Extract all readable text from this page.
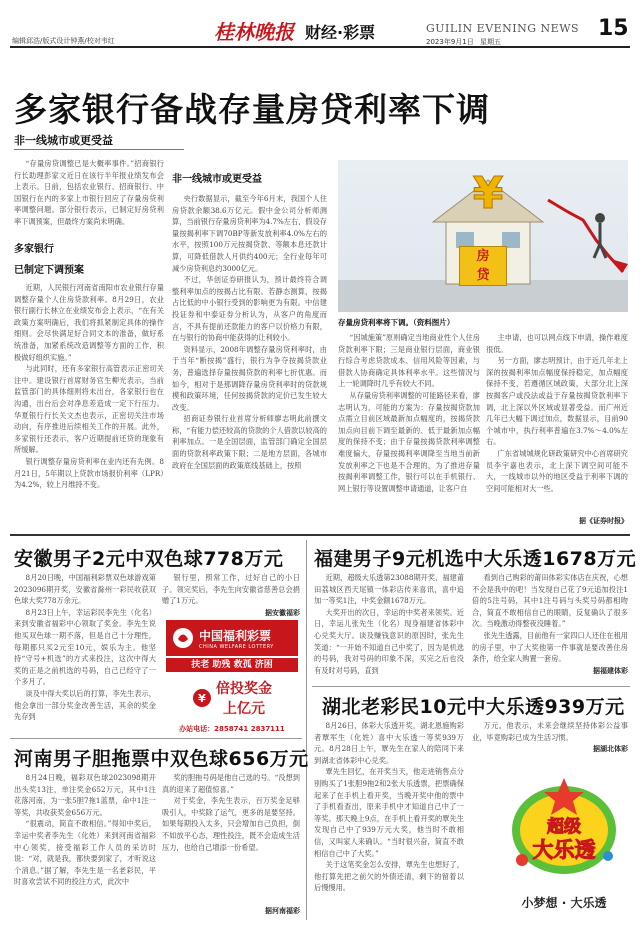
编辑邱浩/版式设计钟燕/校对韦红	桂林晚报 财经·彩票	GUILIN EVENING NEWS
2023年9月1日 星期五
15
多家银行备战存量房贷利率下调
非一线城市或更受益

“存量房贷调整已是大概率事件。”招商银行行长助理彭家文近日在该行半年报业绩发布会上表示。日前，包括农业银行、招商银行、中国银行在内的多家上市银行回应了存量房贷利率调整问题。部分银行表示，已制定好房贷利率下调预案，但最终方案尚未明确。

多家银行
已制定下调预案

近期，人民银行河南省南阳市农业银行存量调整存量个人住房贷款利率。8月29日，农业银行副行长林立在业绩发布会上表示，“在有关政策方案明确后，我们将抓紧制定具体的操作细则。会尽快满足好合同文本的准备，做好系统准备，加紧系统改造调整等方面的工作，积极做好组织实施。”

与此同时，还有多家银行高管表示正密切关注中。建设银行首席财务官生柳光表示，当前监管部门的具体细则将未出台，各家银行也在沟通，出台后会对净息差造成一定下行压力。华夏银行行长关文杰也表示，正密切关注市场动向，有序推进后续相关工作的开展。此外，多家银行还表示，客户近期提前还贷的现象有所缓解。

银行调整存量房贷利率在业内还有先例。8月21日，5年期以上贷款市场报价利率（LPR）为4.2%，较上月维持不变。

非一线城市或更受益

央行数据显示，截至今年6月末，我国个人住房贷款余额38.6万亿元。假中金公司分析师测算，当前银行存量房贷利率为4.7%左右，假设存量按揭利率下调70BP等新发放利率4.0%左右的水平，按照100万元按揭贷款、等额本息还款计算，可降低借款人月供约400元；全行业每年可减少房贷利息约3000亿元。

不过，华创证券研报认为，预计最终符合调整利率加点的按揭占比有限。若静态测算，按揭占比低的中小银行受到的影响更为有限。中信建投证券和中泰证券分析认为，从客户的角度而言，不具有提前还款能力的客户以价格力有限，在与银行的协商中能获得的让利较小。

资料显示，2008年调整存量房贷利率时，由于当年“断按揭”盛行，银行为争夺按揭贷款业务，普遍选择存量按揭贷款的利率七折优惠。而如今，相对于是那调降存量房贷利率时的贷款规模和政策环境，任何按揭贷款的定价已发生较大改变。

招商证券银行业首席分析师廖志明此前撰文称，“有能力偿还较高的贷款的个人借款以较高的利率加点。一是全国层面，监管部门确定全国层面的贷款利率政策下限；二是地方层面，各城市政府在全国层面的政策底线基础上，按照

¥
房
贷
存量房贷利率将下调。（资料图片）

“因城施策”原则确定当地商业性个人住房贷款利率下限；三是商业银行层面，商业银行综合考虑贷款成本、信用风险等因素，与借款人协商确定具体利率水平。这些情况与上一轮调降时几乎有较大不同。

从存量房贷利率调整的可能路径来看，廖志明认为，可能的方案为：存量按揭贷款加点需立目前区域最新加点幅度的，按揭贷款加点向目前下调至最新的、低于最新加点幅度的保持不变；由于存量按揭贷款利率调整难度偏大，存量按揭利率调降至当地当前新发放利率之下也是不合理的，为了推进存量按揭利率调整工作，银行可以在手机银行、网上银行等设置调整申请通道，让客户自

主申请，也可以网点线下申请，操作难度很低。

另一方面，廖志明预计，由于近几年北上深的按揭利率加点幅度保持稳定，加点幅度保持不变，若遵循区域政策，大部分北上深按揭客户或没法或益于存量按揭贷款利率下调，北上深以外区域或显著受益。而广州近几年已大幅下调过加点，数据显示，目前90个城市中，执行利率普遍在3.7%～4.0%左右。

广东省城城规化研政策研究中心首席研究员李宇嘉也表示，北上深下调空间可能不大，一线城市以外的地区受益于利率下调的空间可能相对大一些。

据《证券时报》
安徽男子2元中双色球778万元

8月20日晚，中国福利彩票双色球游戏第2023096期开奖，安徽省滁州一彩民收获双色球大奖778万余元。

8月23日上午，幸运彩民李先生（化名）来到安徽省福彩中心领取了奖金。李先生说他买双色球一期不落，但是自己十分理性，每期都只买2元至10元，娱乐为主。他坚持“守号+机选”的方式来投注，这次中得大奖的正是之前机选的号码，自己已经守了一个多月了。

谈及中得大奖以后的打算，李先生表示，他会拿出一部分奖金改善生活，其余的奖金先存到

银行里，照常工作，过好自己的小日子。领完奖后，李先生向安徽省慈善总会捐赠了1万元。

据安徽福彩
中国福利彩票
CHINA WELFARE LOTTERY
扶老 助残 救孤 济困
¥
倍投奖金
上亿元
办站电话：2858741 2837111
河南男子胆拖票中双色球656万元

8月24日晚，福彩双色球2023098期开出头奖13注，单注奖金652万元，其中1注花落河南，为一张5胆7拖1蓝票，命中1注一等奖，共收获奖金656万元。

“很震动，简直不敢相信。”得知中奖后，幸运中奖者李先生（化姓）来到河南省福彩中心领奖，接受福彩工作人员的采访时说：“对，就是我，都快要到家了，才听说这个消息。”据了解，李先生是一名老彩民，平时喜欢尝试不同的投注方式，此次中

奖的胆拖号码是他自己选的号。“没想到真的迎来了超值惊喜。”

对于奖金，李先生表示，百万奖金足够吸引人，中奖除了运气，更多的是要坚持。如果每期投入太多，只会增加自己负担，倒不如放平心态，理性投注，既不会造成生活压力，也给自己增添一份希望。

据河南福彩
福建男子9元机选中大乐透1678万元

近期，超级大乐透第23088期开奖，福建莆田荔城区西天尾镇一体彩店传来喜讯，喜中追加一等奖1注，中奖金额1678万元。

大奖开出的次日，幸运的中奖者来领奖。近日，幸运儿张先生（化名）现身福建省体彩中心兑奖大厅。谈及赚钱意识的原因时，张先生笑道：“一开始不知道自己中奖了，因为是机选的号码，我对号码的印象不深，买完之后也没有及时对号码，直到

看到自己购彩的莆田体彩实体店在庆祝，心想不会是我中的吧！当发现自己花了9元追加投注1倍的5注号码，其中1注号码与头奖号码都相吻合，简直不敢相信自己的眼睛，反复确认了很多次。当晚激动得整夜没睡着。”

张先生透露，目前他有一家四口人还住在租用的房子里，中了大奖他第一件事就是要改善住房条件，给全家人购置一套房。

据福建体彩
湖北老彩民10元中大乐透939万元

8月26日，体彩大乐透开奖，湖北恩施购彩者覃军生（化姓）喜中大乐透一等奖939万元。8月28日上午，覃先生在家人的陪同下来到湖北省体彩中心兑奖。

覃先生回忆，在开奖当天，他走进销售点分别购买了1张胆9拖2和2张大乐透票，把票确保起来了在手机上看开奖，当晚开奖中他的票中了手机看查出，原来手机中才知道自己中了一等奖。那天晚上9点，在手机上看开奖的覃先生发现自己中了939万元大奖，他当时不敢相信，又叫家人来确认。“当时很兴奋，简直不敢相信自己中了大奖。”

关于这笔奖金怎么安排，覃先生也想好了，他打算先把之前欠的外债还清，剩下的留着以后慢慢用。

万元。他表示，未来会继续坚持体彩公益事业，毕竟购彩已成为生活习惯。

据湖北体彩
超级
大乐透
小梦想 · 大乐透
